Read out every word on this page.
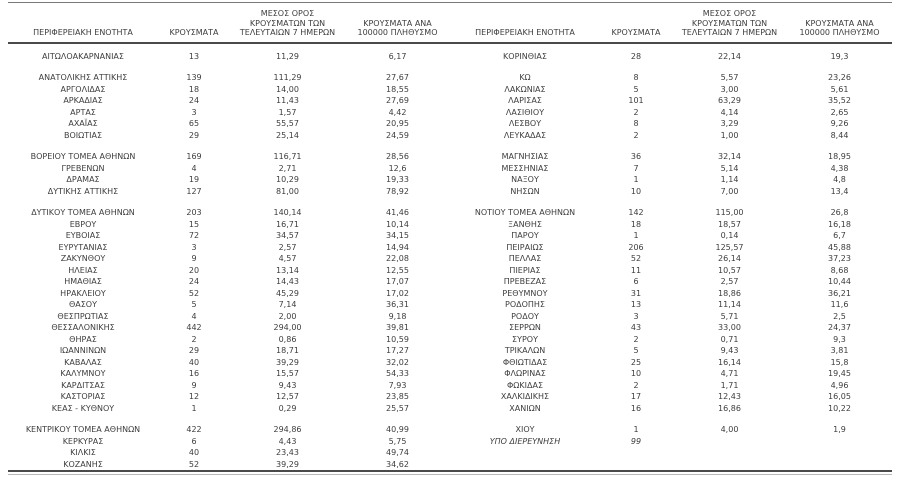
ΠΕΡΙΦΕΡΕΙΑΚΗ ΕΝΟΤΗΤΑ	ΚΡΟΥΣΜΑΤΑ	ΜΕΣΟΣ ΟΡΟΣ ΚΡΟΥΣΜΑΤΩΝ ΤΩΝ ΤΕΛΕΥΤΑΙΩΝ 7 ΗΜΕΡΩΝ	ΚΡΟΥΣΜΑΤΑ ΑΝΑ 100000 ΠΛΗΘΥΣΜΟ	ΠΕΡΙΦΕΡΕΙΑΚΗ ΕΝΟΤΗΤΑ	ΚΡΟΥΣΜΑΤΑ	ΜΕΣΟΣ ΟΡΟΣ ΚΡΟΥΣΜΑΤΩΝ ΤΩΝ ΤΕΛΕΥΤΑΙΩΝ 7 ΗΜΕΡΩΝ	ΚΡΟΥΣΜΑΤΑ ΑΝΑ 100000 ΠΛΗΘΥΣΜΟ

ΑΙΤΩΛΟΑΚΑΡΝΑΝΙΑΣ	13	11,29	6,17	ΚΟΡΙΝΘΙΑΣ	28	22,14	19,3

ΑΝΑΤΟΛΙΚΗΣ ΑΤΤΙΚΗΣ	139	111,29	27,67	ΚΩ	8	5,57	23,26
ΑΡΓΟΛΙΔΑΣ	18	14,00	18,55	ΛΑΚΩΝΙΑΣ	5	3,00	5,61
ΑΡΚΑΔΙΑΣ	24	11,43	27,69	ΛΑΡΙΣΑΣ	101	63,29	35,52
ΑΡΤΑΣ	3	1,57	4,42	ΛΑΣΙΘΙΟΥ	2	4,14	2,65
ΑΧΑΪΑΣ	65	55,57	20,95	ΛΕΣΒΟΥ	8	3,29	9,26
ΒΟΙΩΤΙΑΣ	29	25,14	24,59	ΛΕΥΚΑΔΑΣ	2	1,00	8,44

ΒΟΡΕΙΟΥ ΤΟΜΕΑ ΑΘΗΝΩΝ	169	116,71	28,56	ΜΑΓΝΗΣΙΑΣ	36	32,14	18,95
ΓΡΕΒΕΝΩΝ	4	2,71	12,6	ΜΕΣΣΗΝΙΑΣ	7	5,14	4,38
ΔΡΑΜΑΣ	19	10,29	19,33	ΝΑΞΟΥ	1	1,14	4,8
ΔΥΤΙΚΗΣ ΑΤΤΙΚΗΣ	127	81,00	78,92	ΝΗΣΩΝ	10	7,00	13,4

ΔΥΤΙΚΟΥ ΤΟΜΕΑ ΑΘΗΝΩΝ	203	140,14	41,46	ΝΟΤΙΟΥ ΤΟΜΕΑ ΑΘΗΝΩΝ	142	115,00	26,8
ΕΒΡΟΥ	15	16,71	10,14	ΞΑΝΘΗΣ	18	18,57	16,18
ΕΥΒΟΙΑΣ	72	34,57	34,15	ΠΑΡΟΥ	1	0,14	6,7
ΕΥΡΥΤΑΝΙΑΣ	3	2,57	14,94	ΠΕΙΡΑΙΩΣ	206	125,57	45,88
ΖΑΚΥΝΘΟΥ	9	4,57	22,08	ΠΕΛΛΑΣ	52	26,14	37,23
ΗΛΕΙΑΣ	20	13,14	12,55	ΠΙΕΡΙΑΣ	11	10,57	8,68
ΗΜΑΘΙΑΣ	24	14,43	17,07	ΠΡΕΒΕΖΑΣ	6	2,57	10,44
ΗΡΑΚΛΕΙΟΥ	52	45,29	17,02	ΡΕΘΥΜΝΟΥ	31	18,86	36,21
ΘΑΣΟΥ	5	7,14	36,31	ΡΟΔΟΠΗΣ	13	11,14	11,6
ΘΕΣΠΡΩΤΙΑΣ	4	2,00	9,18	ΡΟΔΟΥ	3	5,71	2,5
ΘΕΣΣΑΛΟΝΙΚΗΣ	442	294,00	39,81	ΣΕΡΡΩΝ	43	33,00	24,37
ΘΗΡΑΣ	2	0,86	10,59	ΣΥΡΟΥ	2	0,71	9,3
ΙΩΑΝΝΙΝΩΝ	29	18,71	17,27	ΤΡΙΚΑΛΩΝ	5	9,43	3,81
ΚΑΒΑΛΑΣ	40	39,29	32,02	ΦΘΙΩΤΙΔΑΣ	25	16,14	15,8
ΚΑΛΥΜΝΟΥ	16	15,57	54,33	ΦΛΩΡΙΝΑΣ	10	4,71	19,45
ΚΑΡΔΙΤΣΑΣ	9	9,43	7,93	ΦΩΚΙΔΑΣ	2	1,71	4,96
ΚΑΣΤΟΡΙΑΣ	12	12,57	23,85	ΧΑΛΚΙΔΙΚΗΣ	17	12,43	16,05
ΚΕΑΣ - ΚΥΘΝΟΥ	1	0,29	25,57	ΧΑΝΙΩΝ	16	16,86	10,22

ΚΕΝΤΡΙΚΟΥ ΤΟΜΕΑ ΑΘΗΝΩΝ	422	294,86	40,99	ΧΙΟΥ	1	4,00	1,9
ΚΕΡΚΥΡΑΣ	6	4,43	5,75	ΥΠΟ ΔΙΕΡΕΥΝΗΣΗ	99		
ΚΙΛΚΙΣ	40	23,43	49,74				
ΚΟΖΑΝΗΣ	52	39,29	34,62				
